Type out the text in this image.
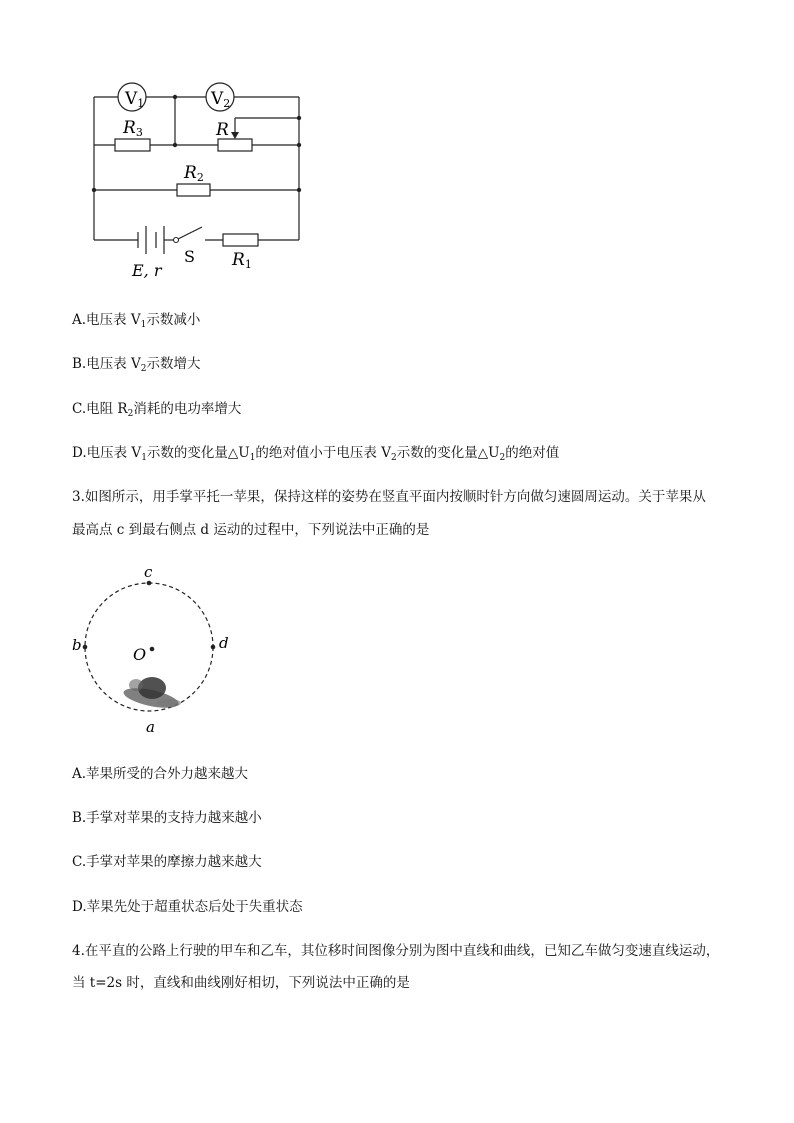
V1	V2
R3	R
R2
S R1
E, r
A.电压表 $V_1$示数减小
B.电压表 $V_2$示数增大
C.电阻 $R_2$消耗的电功率增大
D.电压表 $V_1$示数的变化量$\triangle U_1$的绝对值小于电压表 $V_2$示数的变化量$\triangle U_2$的绝对值
3.如图所示，用手掌平托一苹果，保持这样的姿势在竖直平面内按顺时针方向做匀速圆周运动。关于苹果从
最高点 c 到最右侧点 d 运动的过程中，下列说法中正确的是
c
b	d
O
a
A.苹果所受的合外力越来越大
B.手掌对苹果的支持力越来越小
C.手掌对苹果的摩擦力越来越大
D.苹果先处于超重状态后处于失重状态
4.在平直的公路上行驶的甲车和乙车，其位移时间图像分别为图中直线和曲线，已知乙车做匀变速直线运动，
当 t=2s 时，直线和曲线刚好相切，下列说法中正确的是
